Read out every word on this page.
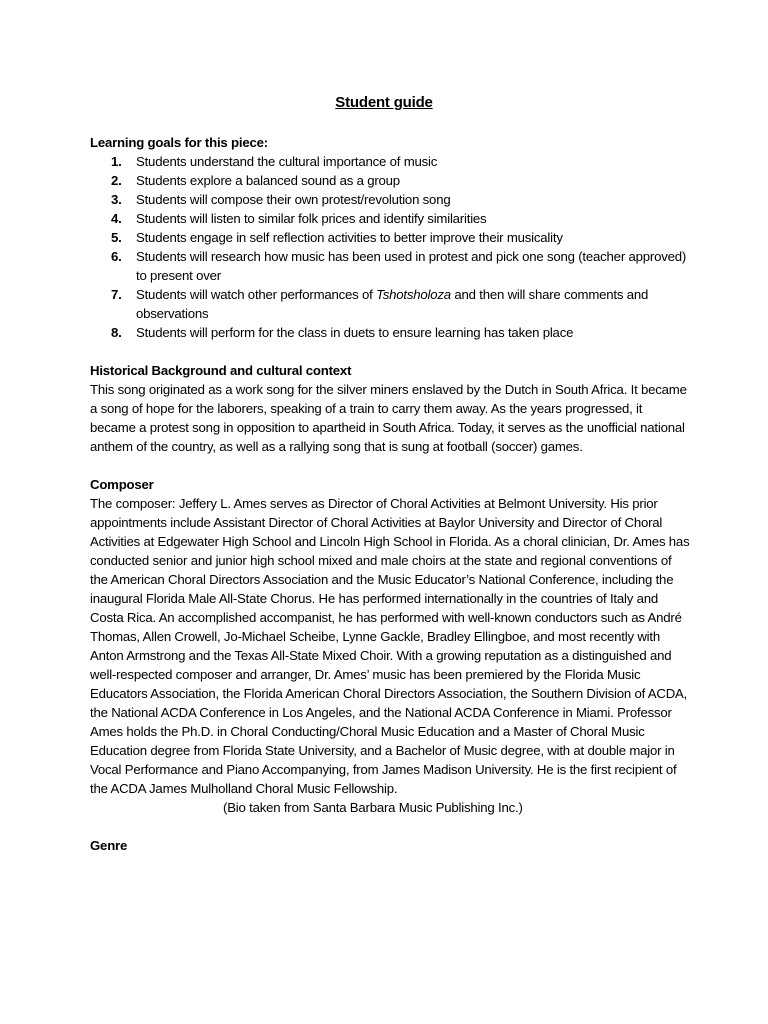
Student guide
Learning goals for this piece:
1. Students understand the cultural importance of music
2. Students explore a balanced sound as a group
3. Students will compose their own protest/revolution song
4. Students will listen to similar folk prices and identify similarities
5. Students engage in self reflection activities to better improve their musicality
6. Students will research how music has been used in protest and pick one song (teacher approved) to present over
7. Students will watch other performances of Tshotsholoza and then will share comments and observations
8. Students will perform for the class in duets to ensure learning has taken place
Historical Background and cultural context
This song originated as a work song for the silver miners enslaved by the Dutch in South Africa. It became a song of hope for the laborers, speaking of a train to carry them away. As the years progressed, it became a protest song in opposition to apartheid in South Africa. Today, it serves as the unofficial national anthem of the country, as well as a rallying song that is sung at football (soccer) games.
Composer
The composer: Jeffery L. Ames serves as Director of Choral Activities at Belmont University. His prior appointments include Assistant Director of Choral Activities at Baylor University and Director of Choral Activities at Edgewater High School and Lincoln High School in Florida. As a choral clinician, Dr. Ames has conducted senior and junior high school mixed and male choirs at the state and regional conventions of the American Choral Directors Association and the Music Educator’s National Conference, including the inaugural Florida Male All-State Chorus. He has performed internationally in the countries of Italy and Costa Rica. An accomplished accompanist, he has performed with well-known conductors such as André Thomas, Allen Crowell, Jo-Michael Scheibe, Lynne Gackle, Bradley Ellingboe, and most recently with Anton Armstrong and the Texas All-State Mixed Choir. With a growing reputation as a distinguished and well-respected composer and arranger, Dr. Ames’ music has been premiered by the Florida Music Educators Association, the Florida American Choral Directors Association, the Southern Division of ACDA, the National ACDA Conference in Los Angeles, and the National ACDA Conference in Miami. Professor Ames holds the Ph.D. in Choral Conducting/Choral Music Education and a Master of Choral Music Education degree from Florida State University, and a Bachelor of Music degree, with at double major in Vocal Performance and Piano Accompanying, from James Madison University. He is the first recipient of the ACDA James Mulholland Choral Music Fellowship.
(Bio taken from Santa Barbara Music Publishing Inc.)
Genre
